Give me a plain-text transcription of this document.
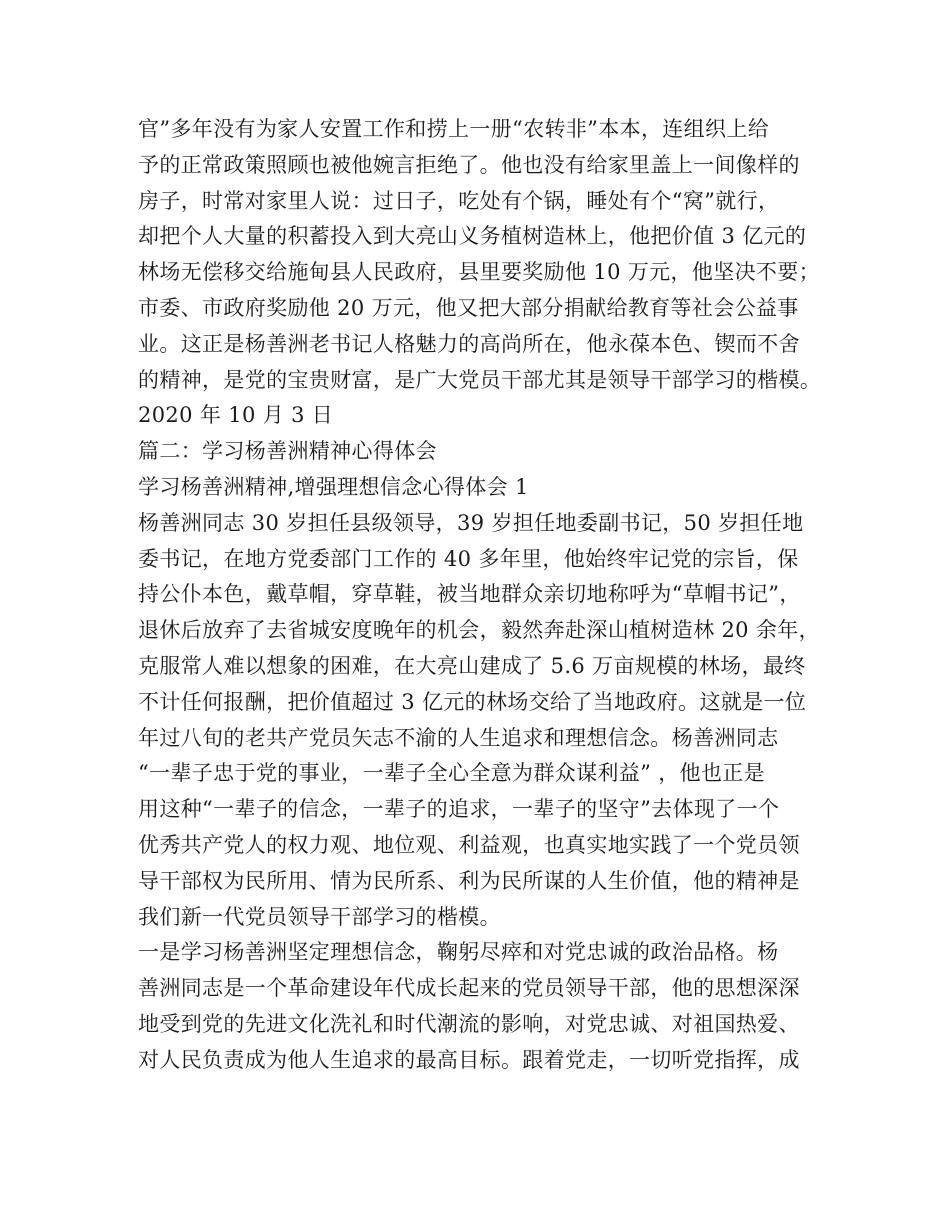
官”多年没有为家人安置工作和捞上一册“农转非”本本，连组织上给
予的正常政策照顾也被他婉言拒绝了。他也没有给家里盖上一间像样的
房子，时常对家里人说：过日子，吃处有个锅，睡处有个“窝”就行，
却把个人大量的积蓄投入到大亮山义务植树造林上，他把价值 3 亿元的
林场无偿移交给施甸县人民政府，县里要奖励他 10 万元，他坚决不要；
市委、市政府奖励他 20 万元，他又把大部分捐献给教育等社会公益事
业。这正是杨善洲老书记人格魅力的高尚所在，他永葆本色、锲而不舍
的精神，是党的宝贵财富，是广大党员干部尤其是领导干部学习的楷模。
2020 年 10 月 3 日
篇二：学习杨善洲精神心得体会
学习杨善洲精神,增强理想信念心得体会 1
杨善洲同志 30 岁担任县级领导，39 岁担任地委副书记，50 岁担任地
委书记，在地方党委部门工作的 40 多年里，他始终牢记党的宗旨，保
持公仆本色，戴草帽，穿草鞋，被当地群众亲切地称呼为“草帽书记”，
退休后放弃了去省城安度晚年的机会，毅然奔赴深山植树造林 20 余年，
克服常人难以想象的困难，在大亮山建成了 5.6 万亩规模的林场，最终
不计任何报酬，把价值超过 3 亿元的林场交给了当地政府。这就是一位
年过八旬的老共产党员矢志不渝的人生追求和理想信念。杨善洲同志
“一辈子忠于党的事业，一辈子全心全意为群众谋利益” ，他也正是
用这种“一辈子的信念，一辈子的追求，一辈子的坚守”去体现了一个
优秀共产党人的权力观、地位观、利益观，也真实地实践了一个党员领
导干部权为民所用、情为民所系、利为民所谋的人生价值，他的精神是
我们新一代党员领导干部学习的楷模。
一是学习杨善洲坚定理想信念，鞠躬尽瘁和对党忠诚的政治品格。杨
善洲同志是一个革命建设年代成长起来的党员领导干部，他的思想深深
地受到党的先进文化洗礼和时代潮流的影响，对党忠诚、对祖国热爱、
对人民负责成为他人生追求的最高目标。跟着党走，一切听党指挥，成
